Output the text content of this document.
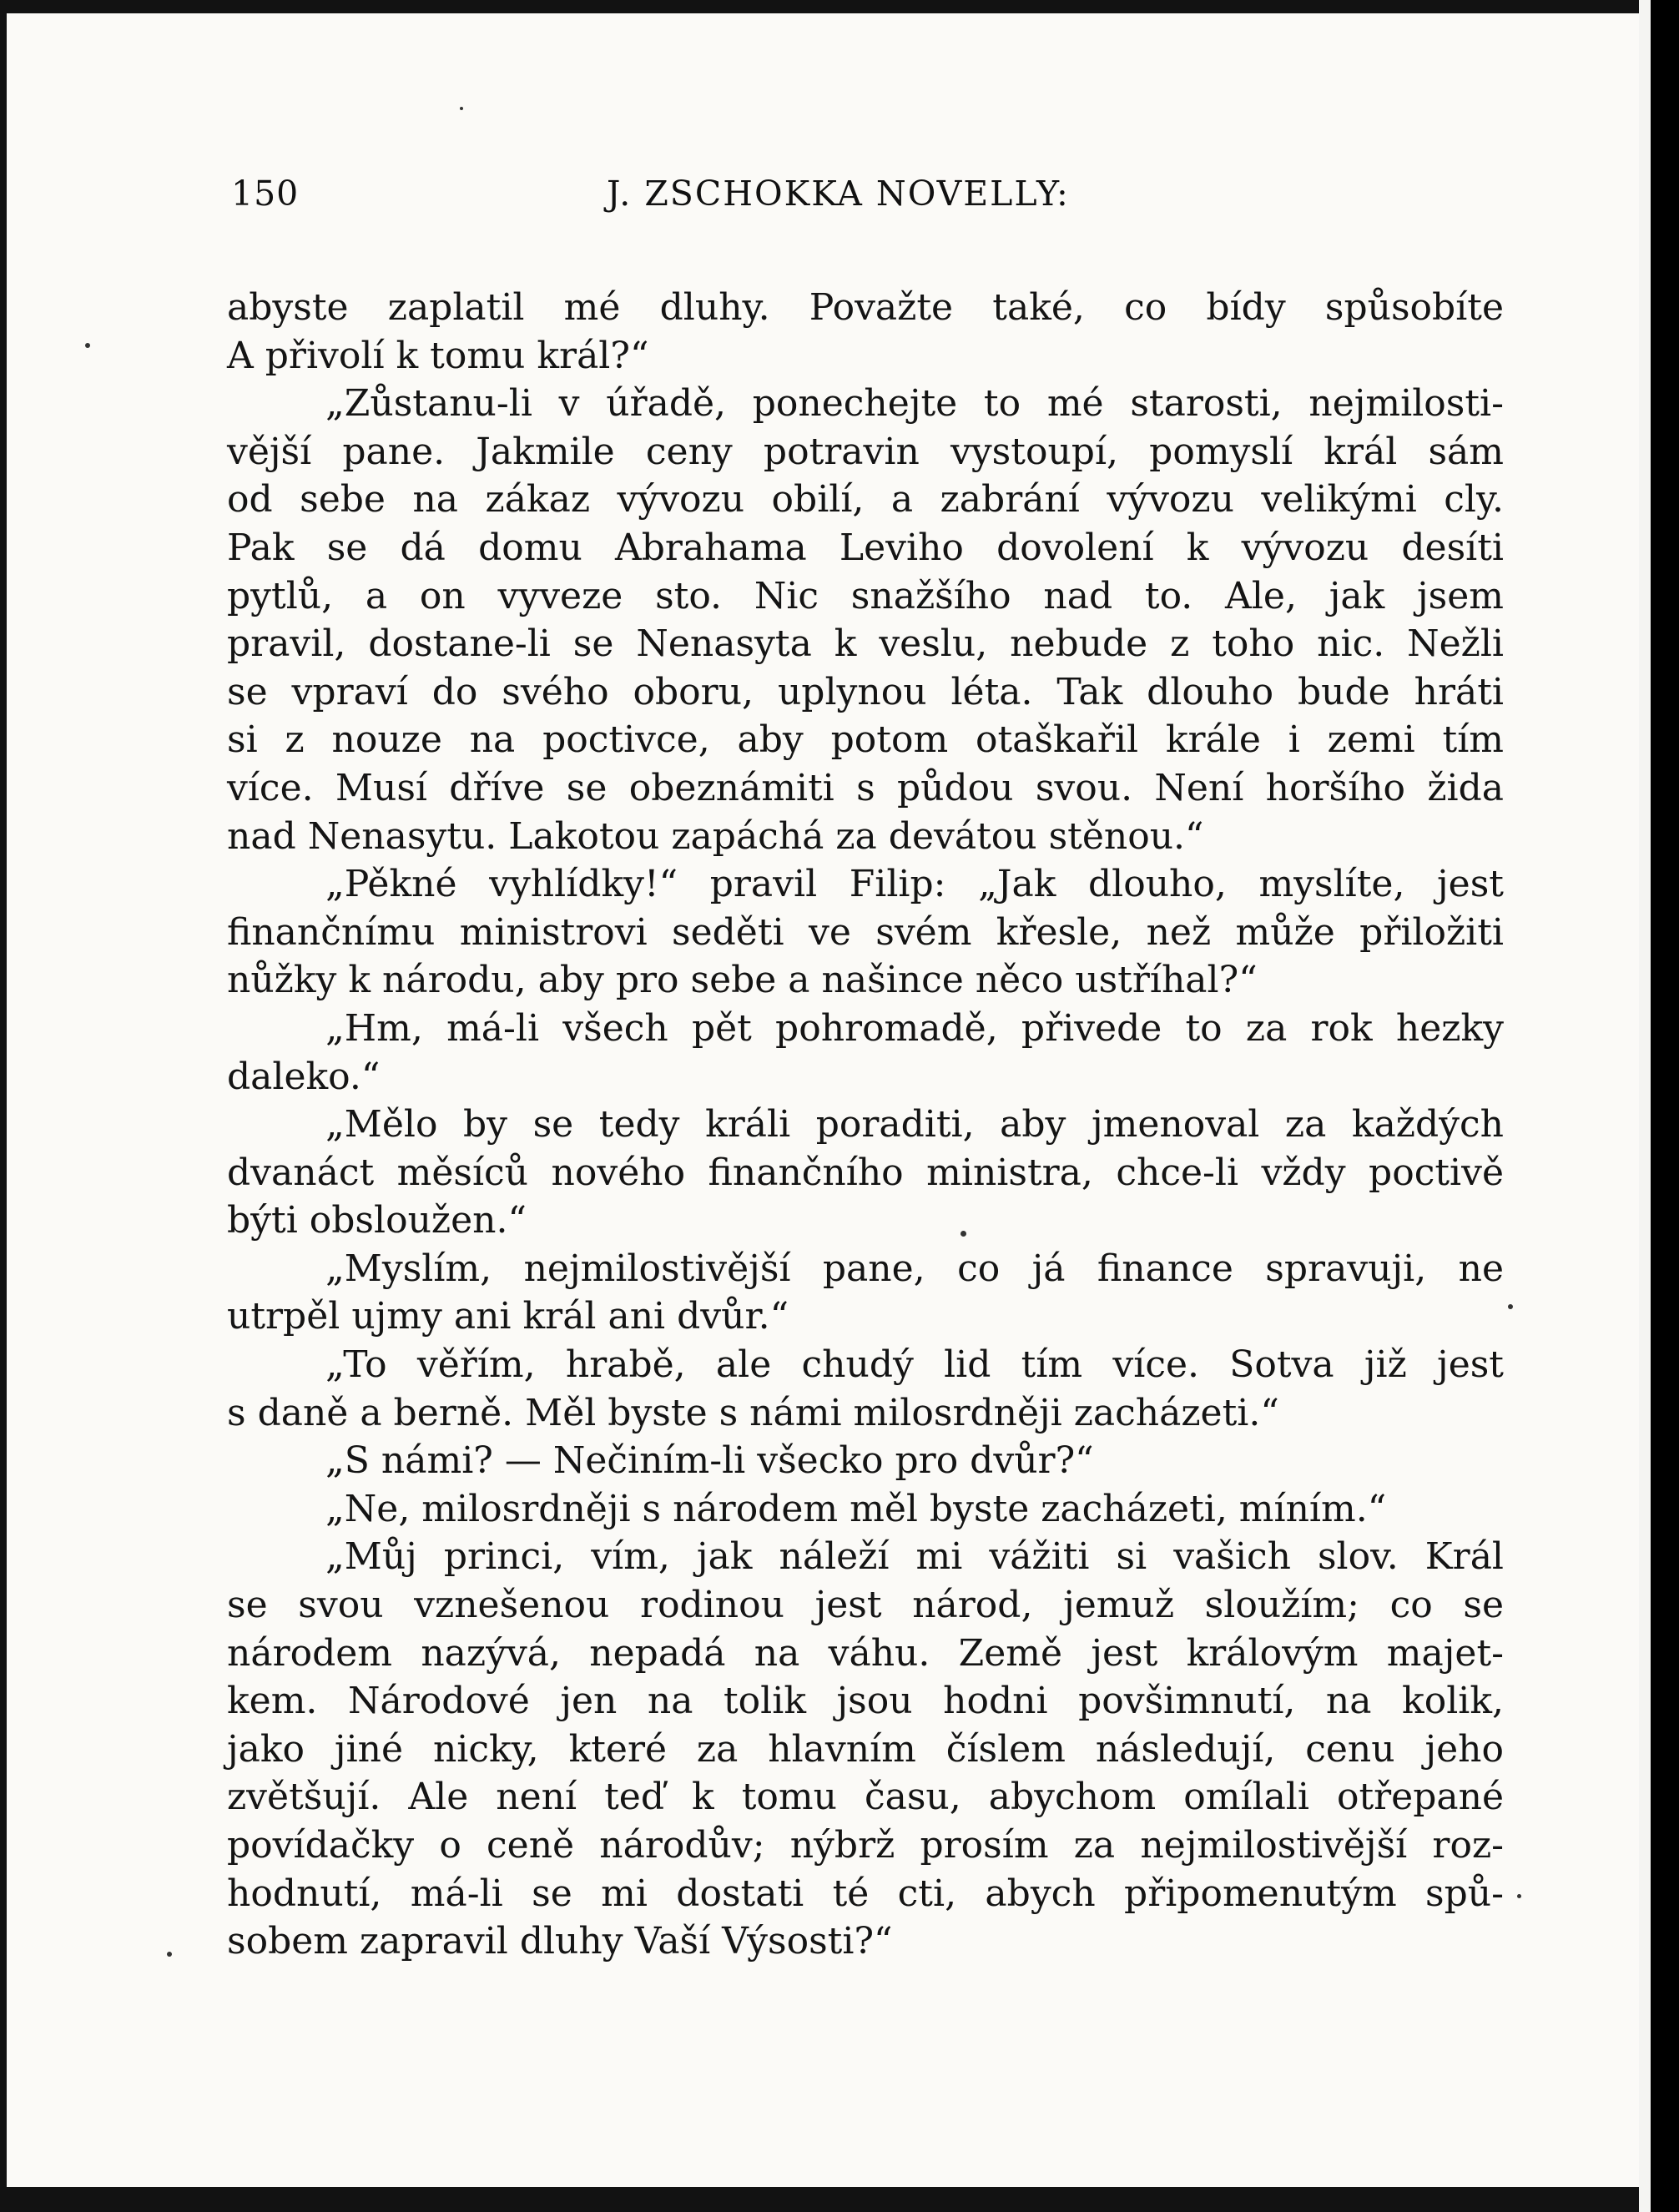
150	J. ZSCHOKKA NOVELLY:
abyste zaplatil mé dluhy. Považte také, co bídy spůsobíte
A přivolí k tomu král?“
„Zůstanu-li v úřadě, ponechejte to mé starosti, nejmilosti-
vější pane. Jakmile ceny potravin vystoupí, pomyslí král sám
od sebe na zákaz vývozu obilí, a zabrání vývozu velikými cly.
Pak se dá domu Abrahama Leviho dovolení k vývozu desíti
pytlů, a on vyveze sto. Nic snažšího nad to. Ale, jak jsem
pravil, dostane-li se Nenasyta k veslu, nebude z toho nic. Nežli
se vpraví do svého oboru, uplynou léta. Tak dlouho bude hráti
si z nouze na poctivce, aby potom otaškařil krále i zemi tím
více. Musí dříve se obeznámiti s půdou svou. Není horšího žida
nad Nenasytu. Lakotou zapáchá za devátou stěnou.“
„Pěkné vyhlídky!“ pravil Filip: „Jak dlouho, myslíte, jest
finančnímu ministrovi seděti ve svém křesle, než může přiložiti
nůžky k národu, aby pro sebe a našince něco ustříhal?“
„Hm, má-li všech pět pohromadě, přivede to za rok hezky
daleko.“
„Mělo by se tedy králi poraditi, aby jmenoval za každých
dvanáct měsíců nového finančního ministra, chce-li vždy poctivě
býti obsloužen.“
„Myslím, nejmilostivější pane, co já finance spravuji, ne
utrpěl ujmy ani král ani dvůr.“
„To věřím, hrabě, ale chudý lid tím více. Sotva již jest
s daně a berně. Měl byste s námi milosrdněji zacházeti.“
„S námi? — Nečiním-li všecko pro dvůr?“
„Ne, milosrdněji s národem měl byste zacházeti, míním.“
„Můj princi, vím, jak náleží mi vážiti si vašich slov. Král
se svou vznešenou rodinou jest národ, jemuž sloužím; co se
národem nazývá, nepadá na váhu. Země jest královým majet-
kem. Národové jen na tolik jsou hodni povšimnutí, na kolik,
jako jiné nicky, které za hlavním číslem následují, cenu jeho
zvětšují. Ale není teď k tomu času, abychom omílali otřepané
povídačky o ceně národův; nýbrž prosím za nejmilostivější roz-
hodnutí, má-li se mi dostati té cti, abych připomenutým spů-
sobem zapravil dluhy Vaší Výsosti?“
